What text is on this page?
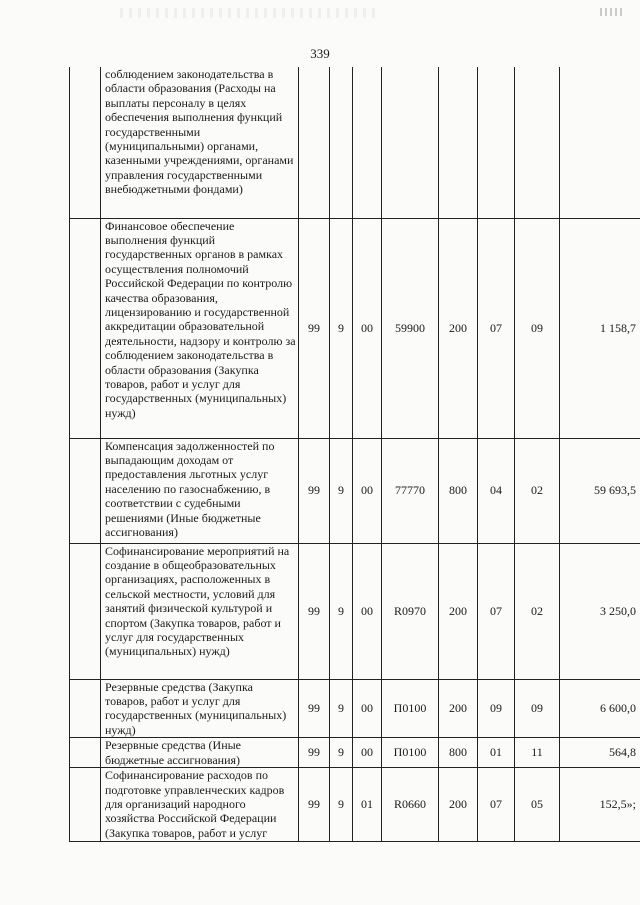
339
	соблюдением законодательства в области образования (Расходы на выплаты персоналу в целях обеспечения выполнения функций государственными (муниципальными) органами, казенными учреждениями, органами управления государственными внебюджетными фондами)								
	Финансовое обеспечение выполнения функций государственных органов в рамках осуществления полномочий Российской Федерации по контролю качества образования, лицензированию и государственной аккредитации образовательной деятельности, надзору и контролю за соблюдением законодательства в области образования (Закупка товаров, работ и услуг для государственных (муниципальных) нужд)	99	9	00	59900	200	07	09	1 158,7
	Компенсация задолженностей по выпадающим доходам от предоставления льготных услуг населению по газоснабжению, в соответствии с судебными решениями (Иные бюджетные ассигнования)	99	9	00	77770	800	04	02	59 693,5
	Софинансирование мероприятий на создание в общеобразовательных организациях, расположенных в сельской местности, условий для занятий физической культурой и спортом (Закупка товаров, работ и услуг для государственных (муниципальных) нужд)	99	9	00	R0970	200	07	02	3 250,0
	Резервные средства (Закупка товаров, работ и услуг для государственных (муниципальных) нужд)	99	9	00	П0100	200	09	09	6 600,0
	Резервные средства (Иные бюджетные ассигнования)	99	9	00	П0100	800	01	11	564,8
	Софинансирование расходов по подготовке управленческих кадров для организаций народного хозяйства Российской Федерации (Закупка товаров, работ и услуг	99	9	01	R0660	200	07	05	152,5»;
